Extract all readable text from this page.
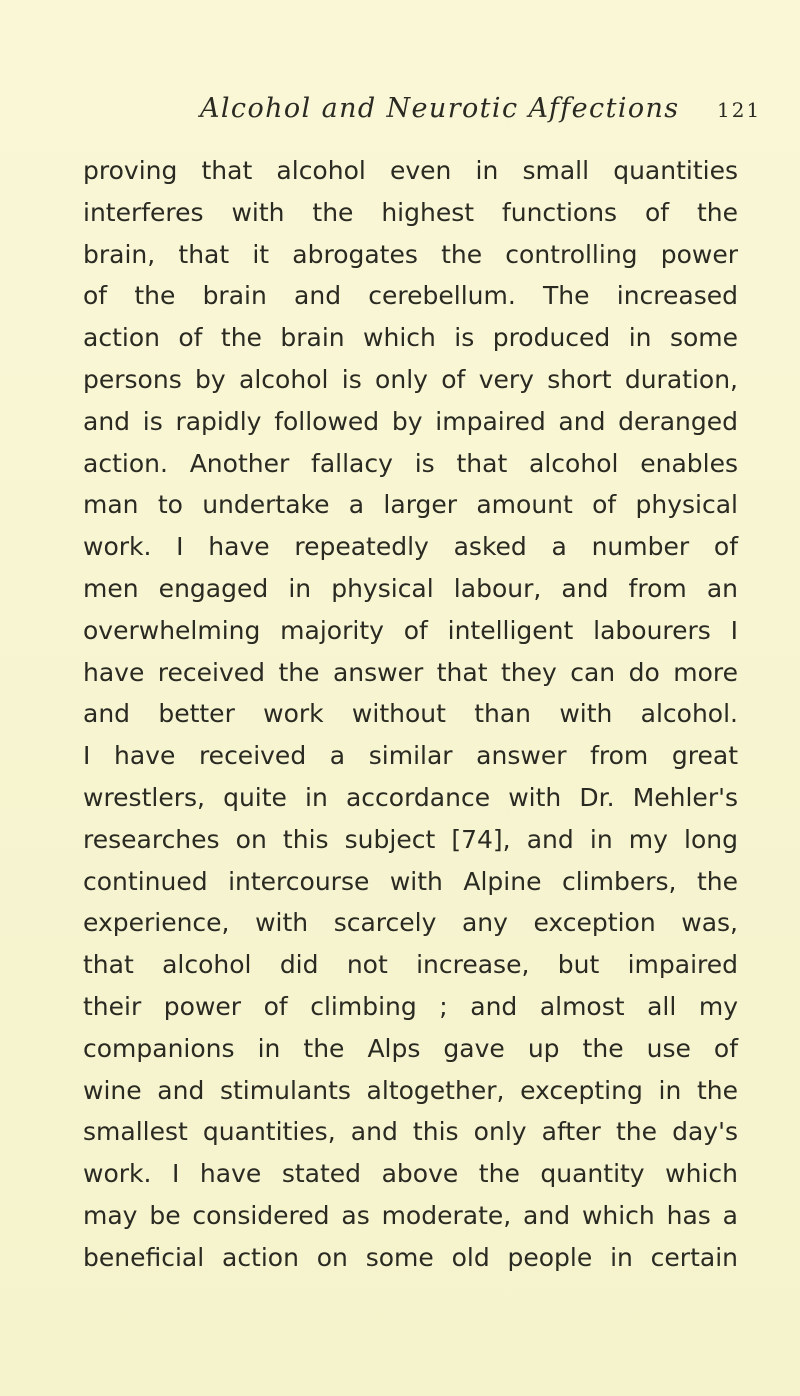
Alcohol and Neurotic Affections 121
proving that alcohol even in small quantities
interferes with the highest functions of the
brain, that it abrogates the controlling power
of the brain and cerebellum. The increased
action of the brain which is produced in some
persons by alcohol is only of very short duration,
and is rapidly followed by impaired and deranged
action. Another fallacy is that alcohol enables
man to undertake a larger amount of physical
work. I have repeatedly asked a number of
men engaged in physical labour, and from an
overwhelming majority of intelligent labourers I
have received the answer that they can do more
and better work without than with alcohol.
I have received a similar answer from great
wrestlers, quite in accordance with Dr. Mehler's
researches on this subject [74], and in my long
continued intercourse with Alpine climbers, the
experience, with scarcely any exception was,
that alcohol did not increase, but impaired
their power of climbing ; and almost all my
companions in the Alps gave up the use of
wine and stimulants altogether, excepting in the
smallest quantities, and this only after the day's
work. I have stated above the quantity which
may be considered as moderate, and which has a
beneficial action on some old people in certain
